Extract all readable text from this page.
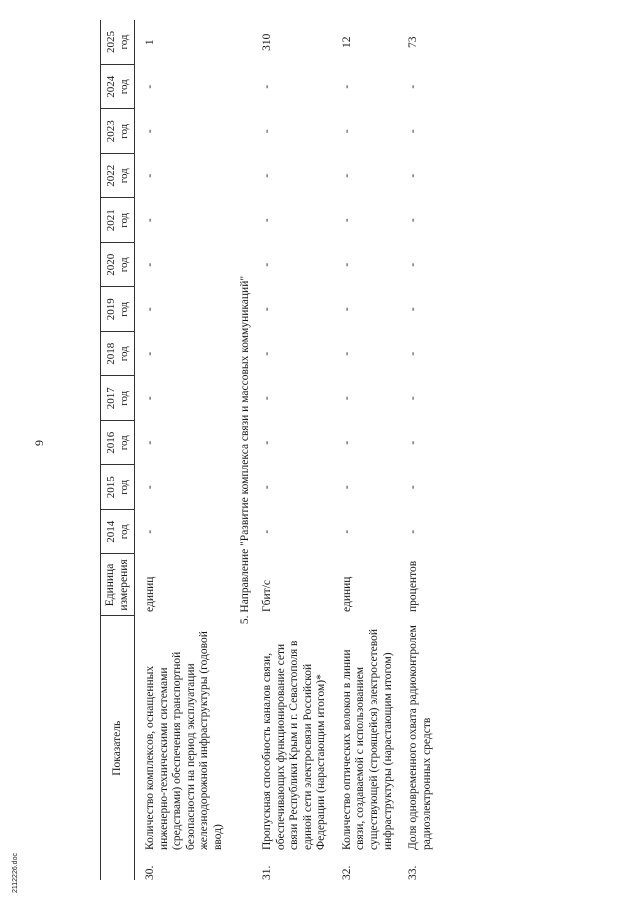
9
Показатель		Единица измерения	2014 год	2015 год	2016 год	2017 год	2018 год	2019 год	2020 год	2021 год	2022 год	2023 год	2024 год	2025 год

30.	Количество комплексов, оснащенных инженерно-техническими системами (средствами) обеспечения транспортной безопасности на период эксплуатации железнодорожной инфраструктуры (годовой ввод)	единиц	-	-	-	-	-	-	-	-	-	-	-	1
5. Направление "Развитие комплекса связи и массовых коммуникаций"														
31.	Пропускная способность каналов связи, обеспечивающих функционирование сети связи Республики Крым и г. Севастополя в единой сети электросвязи Российской Федерации (нарастающим итогом)*	Гбит/с	-	-	-	-	-	-	-	-	-	-	-	310

32.	Количество оптических волокон в линии связи, создаваемой с использованием существующей (строящейся) электросетевой инфраструктуры (нарастающим итогом)	единиц	-	-	-	-	-	-	-	-	-	-	-	12

33.	Доля одновременного охвата радиоконтролем радиоэлектронных средств	процентов	-	-	-	-	-	-	-	-	-	-	-	73
2112226.doc
